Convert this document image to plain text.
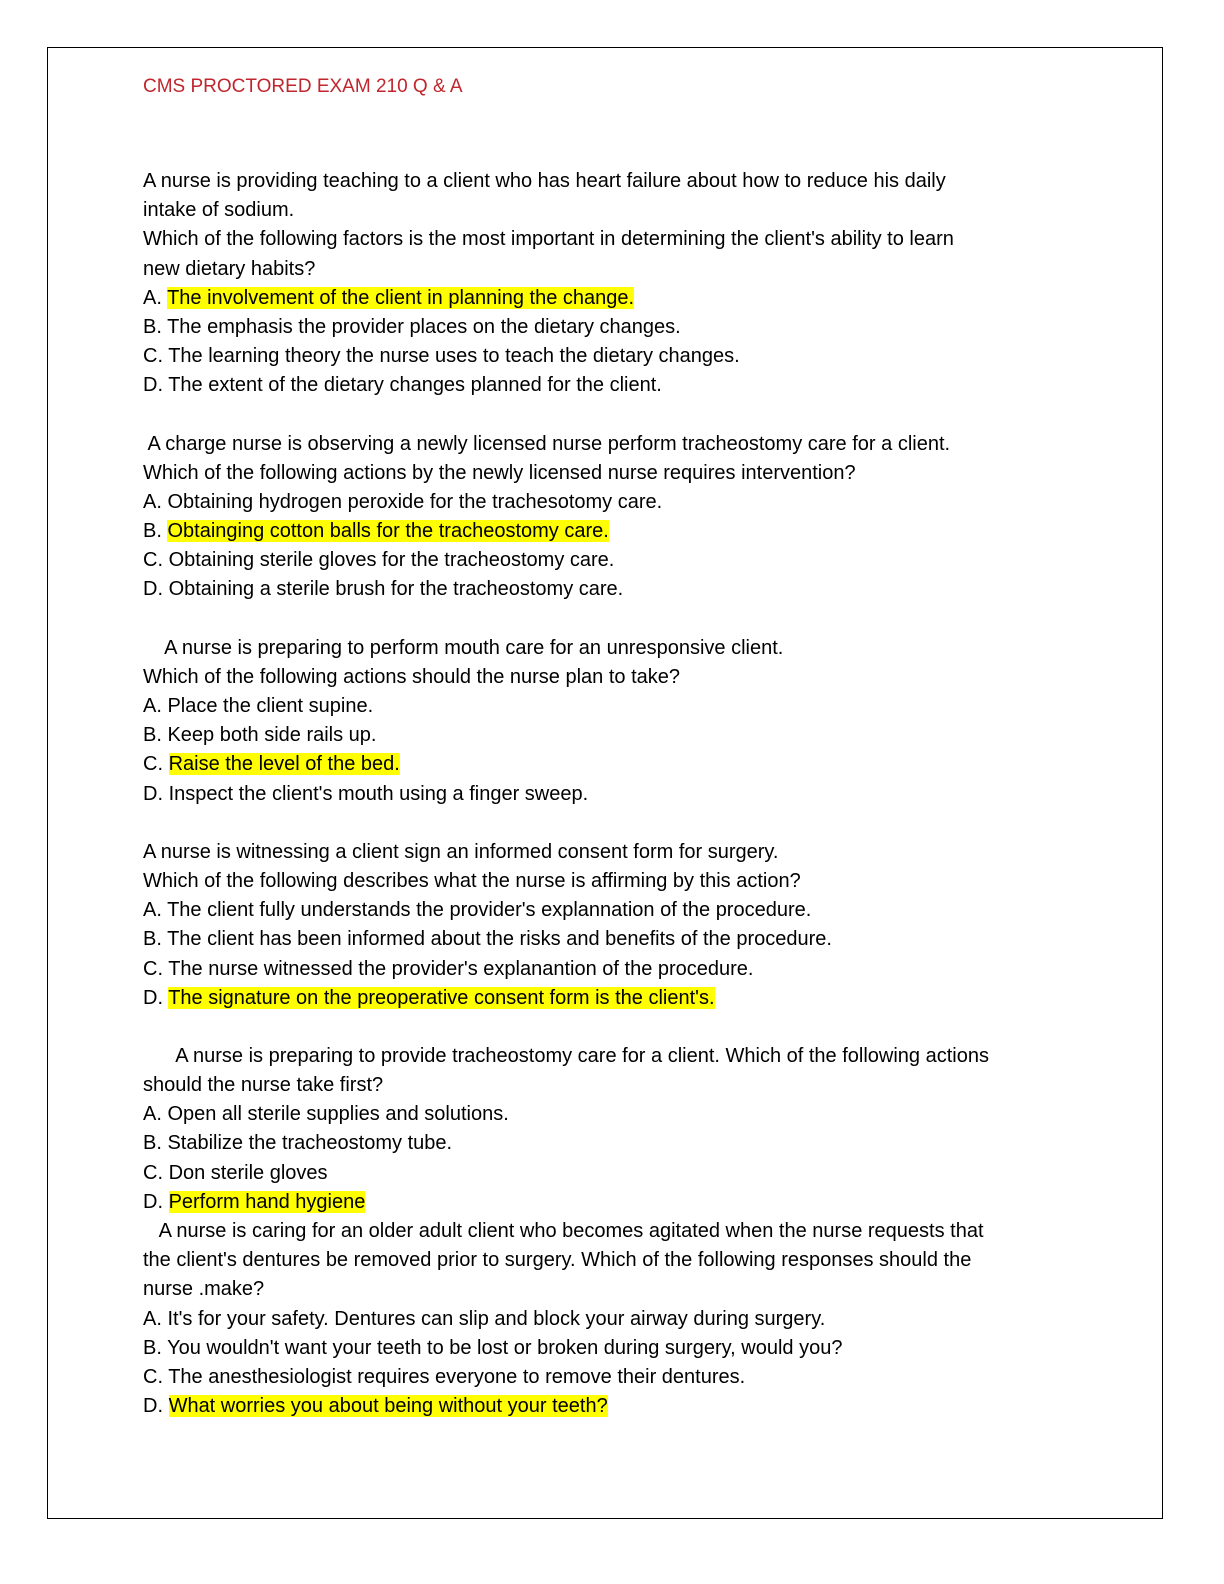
CMS PROCTORED EXAM 210 Q & A
A nurse is providing teaching to a client who has heart failure about how to reduce his daily
intake of sodium.
Which of the following factors is the most important in determining the client's ability to learn
new dietary habits?
A. The involvement of the client in planning the change.
B. The emphasis the provider places on the dietary changes.
C. The learning theory the nurse uses to teach the dietary changes.
D. The extent of the dietary changes planned for the client.
A charge nurse is observing a newly licensed nurse perform tracheostomy care for a client.
Which of the following actions by the newly licensed nurse requires intervention?
A. Obtaining hydrogen peroxide for the trachesotomy care.
B. Obtainging cotton balls for the tracheostomy care.
C. Obtaining sterile gloves for the tracheostomy care.
D. Obtaining a sterile brush for the tracheostomy care.
A nurse is preparing to perform mouth care for an unresponsive client.
Which of the following actions should the nurse plan to take?
A. Place the client supine.
B. Keep both side rails up.
C. Raise the level of the bed.
D. Inspect the client's mouth using a finger sweep.
A nurse is witnessing a client sign an informed consent form for surgery.
Which of the following describes what the nurse is affirming by this action?
A. The client fully understands the provider's explannation of the procedure.
B. The client has been informed about the risks and benefits of the procedure.
C. The nurse witnessed the provider's explanantion of the procedure.
D. The signature on the preoperative consent form is the client's.
A nurse is preparing to provide tracheostomy care for a client. Which of the following actions
should the nurse take first?
A. Open all sterile supplies and solutions.
B. Stabilize the tracheostomy tube.
C. Don sterile gloves
D. Perform hand hygiene
A nurse is caring for an older adult client who becomes agitated when the nurse requests that
the client's dentures be removed prior to surgery. Which of the following responses should the
nurse .make?
A. It's for your safety. Dentures can slip and block your airway during surgery.
B. You wouldn't want your teeth to be lost or broken during surgery, would you?
C. The anesthesiologist requires everyone to remove their dentures.
D. What worries you about being without your teeth?
